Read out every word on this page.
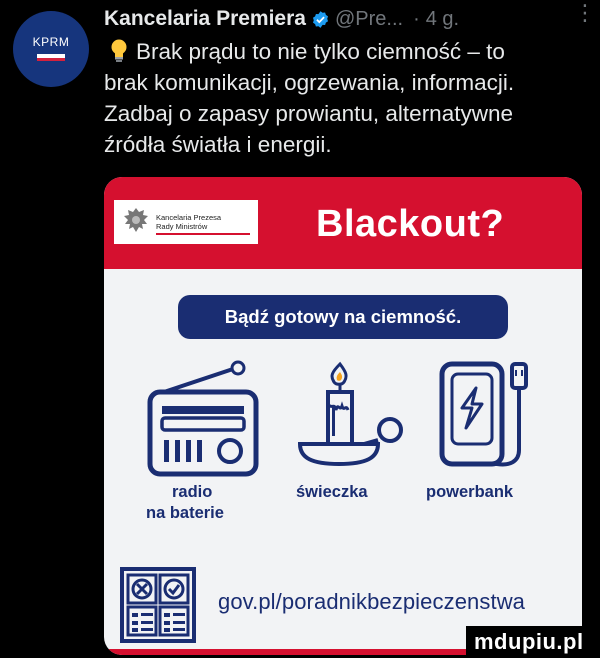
KPRM
Kancelaria Premiera @Pre... · 4 g.	⋮
Brak prądu to nie tylko ciemność – to
brak komunikacji, ogrzewania, informacji.
Zadbaj o zapasy prowiantu, alternatywne
źródła światła i energii.
Kancelaria Prezesa
Rady Ministrów	Blackout?
Bądź gotowy na ciemność.
radio
na baterie
świeczka	powerbank
gov.pl/poradnikbezpieczenstwa
mdupiu.pl
